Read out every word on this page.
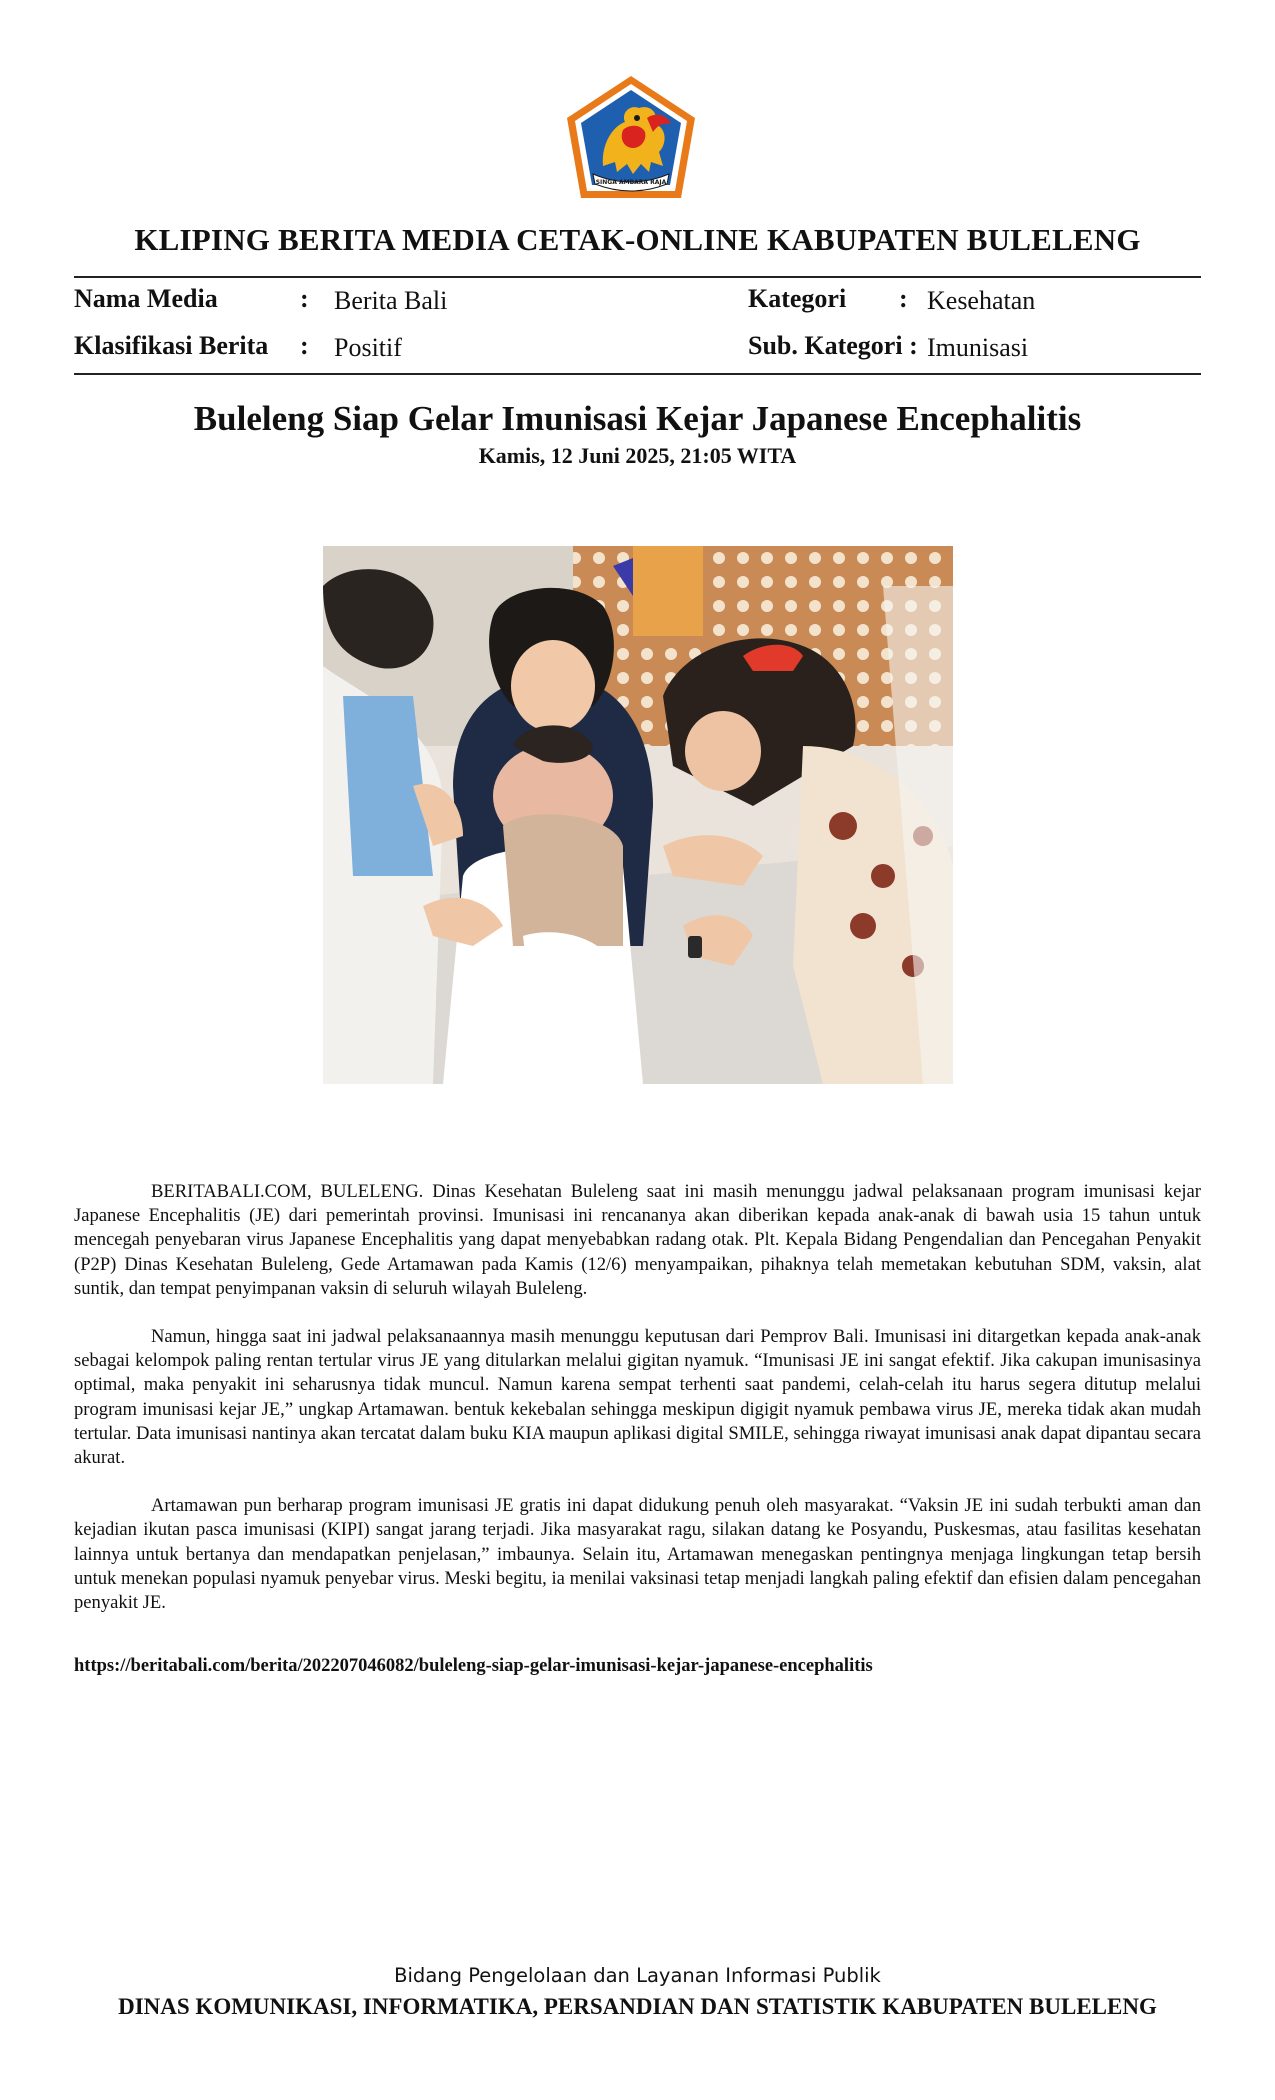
SINGA AMBARA RAJA
KLIPING BERITA MEDIA CETAK-ONLINE KABUPATEN BULELENG
Nama Media	: Berita Bali	Kategori : Kesehatan
Klasifikasi Berita : Positif	Sub. Kategori : Imunisasi
Buleleng Siap Gelar Imunisasi Kejar Japanese Encephalitis
Kamis, 12 Juni 2025, 21:05 WITA

BERITABALI.COM, BULELENG. Dinas Kesehatan Buleleng saat ini masih menunggu jadwal pelaksanaan program imunisasi kejar Japanese Encephalitis (JE) dari pemerintah provinsi. Imunisasi ini rencananya akan diberikan kepada anak-anak di bawah usia 15 tahun untuk mencegah penyebaran virus Japanese Encephalitis yang dapat menyebabkan radang otak. Plt. Kepala Bidang Pengendalian dan Pencegahan Penyakit (P2P) Dinas Kesehatan Buleleng, Gede Artamawan pada Kamis (12/6) menyampaikan, pihaknya telah memetakan kebutuhan SDM, vaksin, alat suntik, dan tempat penyimpanan vaksin di seluruh wilayah Buleleng.

Namun, hingga saat ini jadwal pelaksanaannya masih menunggu keputusan dari Pemprov Bali. Imunisasi ini ditargetkan kepada anak-anak sebagai kelompok paling rentan tertular virus JE yang ditularkan melalui gigitan nyamuk. “Imunisasi JE ini sangat efektif. Jika cakupan imunisasinya optimal, maka penyakit ini seharusnya tidak muncul. Namun karena sempat terhenti saat pandemi, celah-celah itu harus segera ditutup melalui program imunisasi kejar JE,” ungkap Artamawan. bentuk kekebalan sehingga meskipun digigit nyamuk pembawa virus JE, mereka tidak akan mudah tertular. Data imunisasi nantinya akan tercatat dalam buku KIA maupun aplikasi digital SMILE, sehingga riwayat imunisasi anak dapat dipantau secara akurat.

Artamawan pun berharap program imunisasi JE gratis ini dapat didukung penuh oleh masyarakat. “Vaksin JE ini sudah terbukti aman dan kejadian ikutan pasca imunisasi (KIPI) sangat jarang terjadi. Jika masyarakat ragu, silakan datang ke Posyandu, Puskesmas, atau fasilitas kesehatan lainnya untuk bertanya dan mendapatkan penjelasan,” imbaunya. Selain itu, Artamawan menegaskan pentingnya menjaga lingkungan tetap bersih untuk menekan populasi nyamuk penyebar virus. Meski begitu, ia menilai vaksinasi tetap menjadi langkah paling efektif dan efisien dalam pencegahan penyakit JE.

https://beritabali.com/berita/202207046082/buleleng-siap-gelar-imunisasi-kejar-japanese-encephalitis
Bidang Pengelolaan dan Layanan Informasi Publik
DINAS KOMUNIKASI, INFORMATIKA, PERSANDIAN DAN STATISTIK KABUPATEN BULELENG
